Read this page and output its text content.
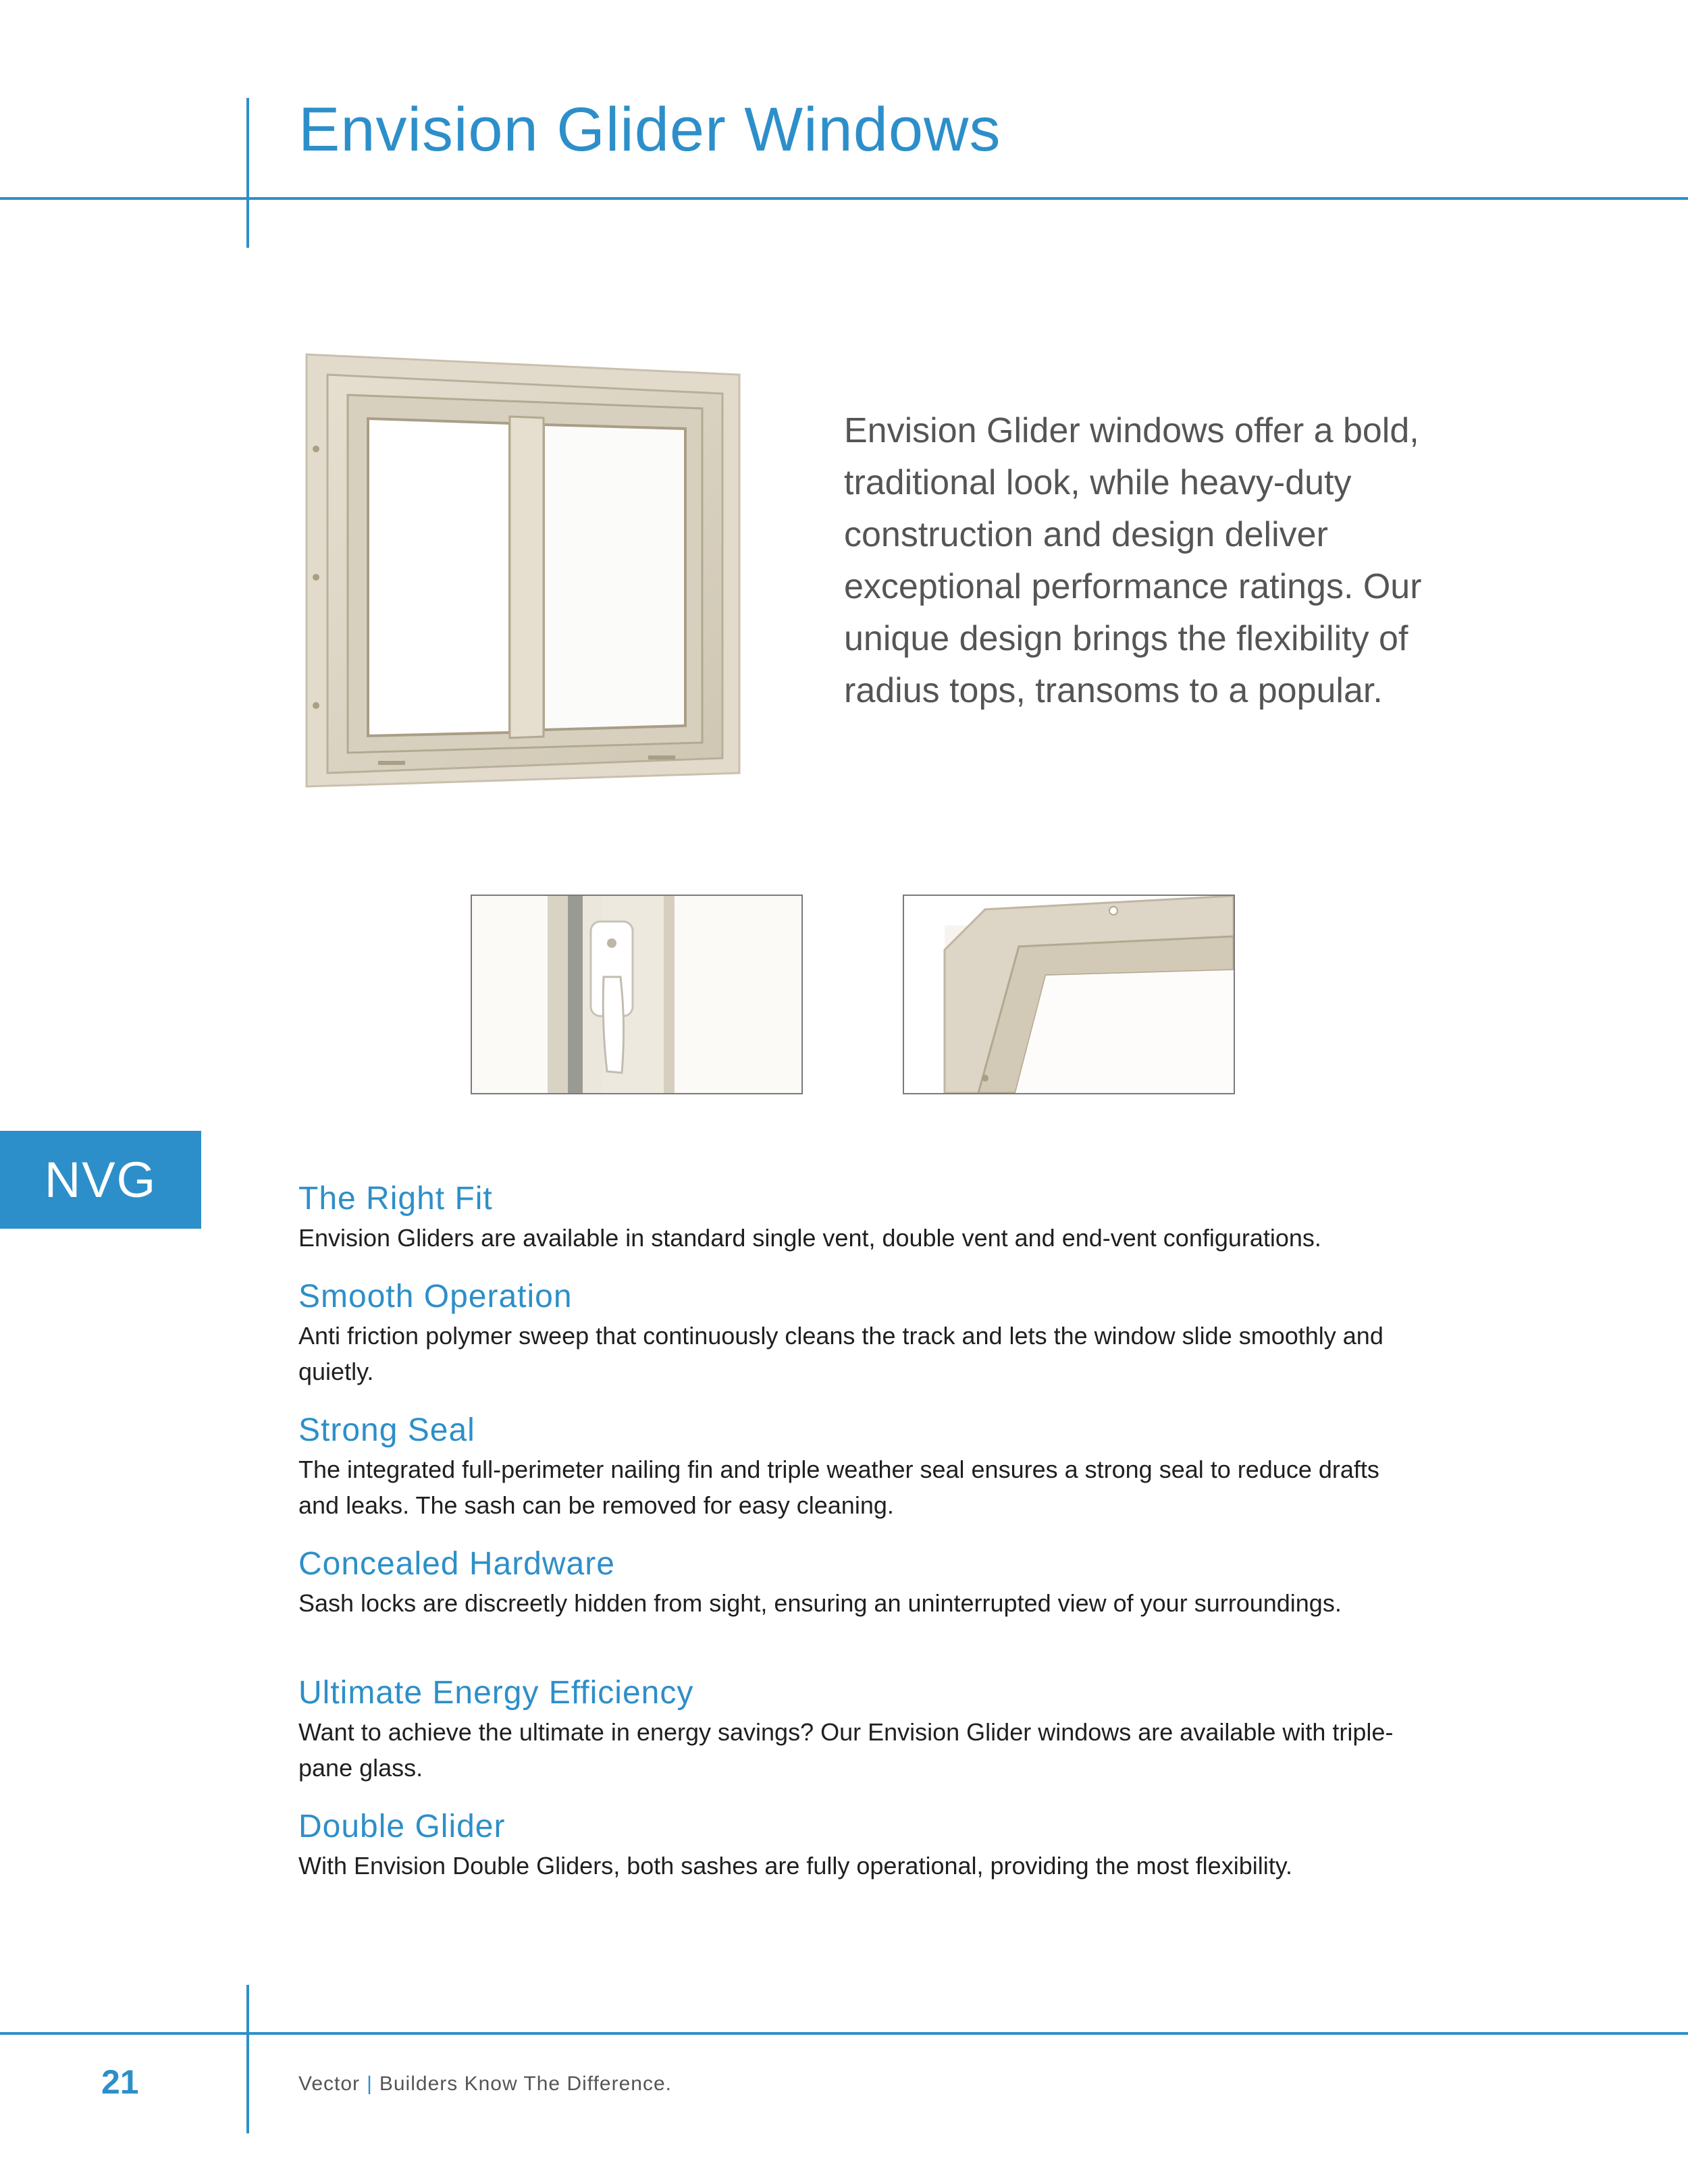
Envision Glider Windows
Envision Glider windows offer a bold, traditional look, while heavy-duty construction and design deliver exceptional performance ratings. Our unique design brings the flexibility of radius tops, transoms to a popular.
NVG	The Right Fit

Envision Gliders are available in standard single vent, double vent and end-vent configurations.

Smooth Operation

Anti friction polymer sweep that continuously cleans the track and lets the window slide smoothly and quietly.

Strong Seal

The integrated full-perimeter nailing fin and triple weather seal ensures a strong seal to reduce drafts and leaks. The sash can be removed for easy cleaning.

Concealed Hardware

Sash locks are discreetly hidden from sight, ensuring an uninterrupted view of your surroundings.

Ultimate Energy Efficiency

Want to achieve the ultimate in energy savings? Our Envision Glider windows are available with triple-pane glass.

Double Glider

With Envision Double Gliders, both sashes are fully operational, providing the most flexibility.

21	Vector | Builders Know The Difference.
